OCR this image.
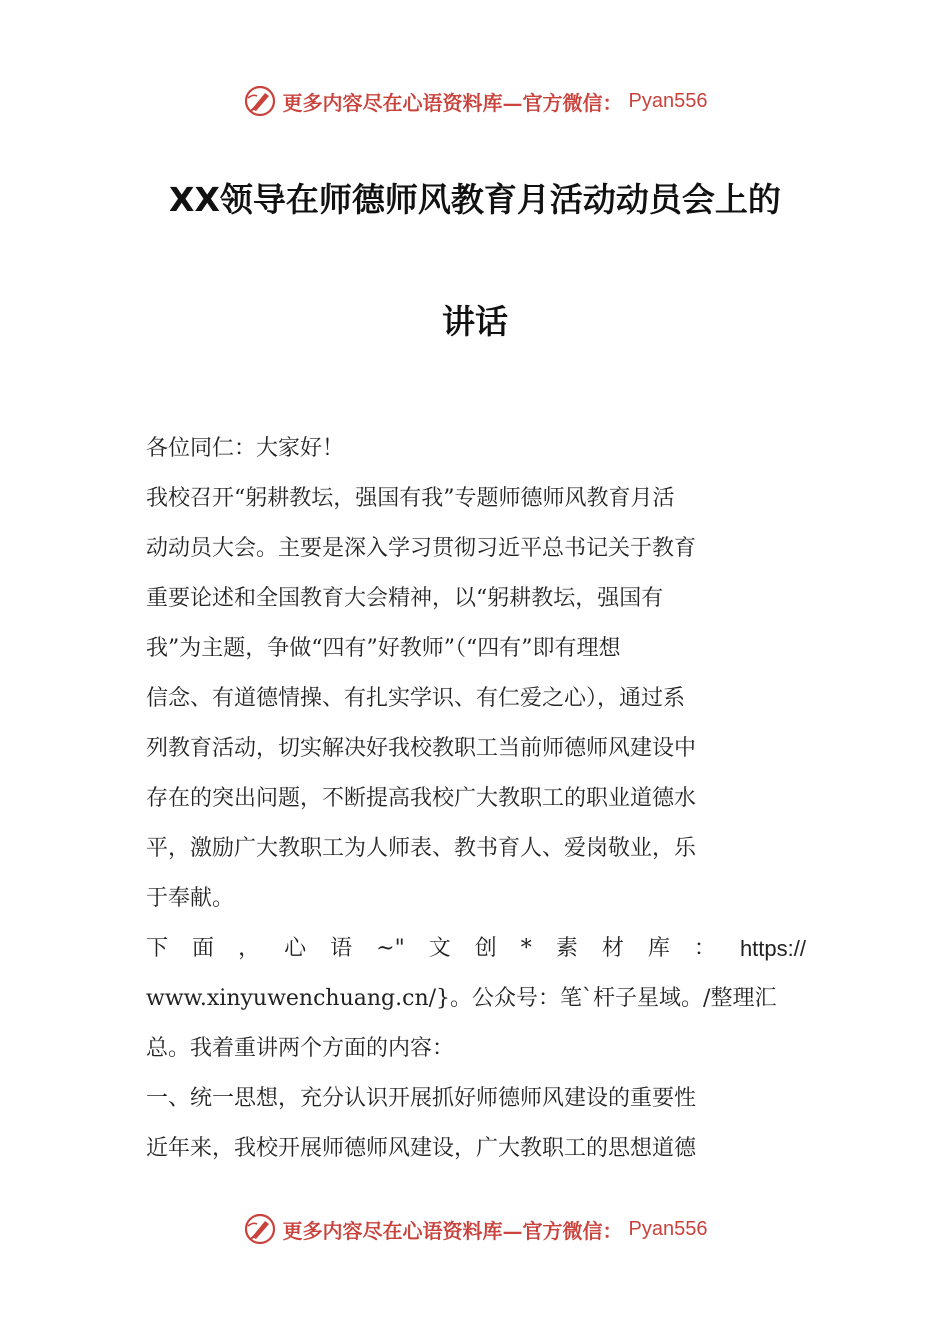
更多内容尽在心语资料库—官方微信： Pyan556
XX领导在师德师风教育月活动动员会上的
讲话
各位同仁：大家好！
我校召开“躬耕教坛，强国有我”专题师德师风教育月活
动动员大会。主要是深入学习贯彻习近平总书记关于教育
重要论述和全国教育大会精神，以“躬耕教坛，强国有
我”为主题，争做“四有”好教师”（“四有”即有理想
信念、有道德情操、有扎实学识、有仁爱之心），通过系
列教育活动，切实解决好我校教职工当前师德师风建设中
存在的突出问题，不断提高我校广大教职工的职业道德水
平，激励广大教职工为人师表、教书育人、爱岗敬业，乐
于奉献。
下 面 ， 心 语 ~" 文 创 * 素 材 库 ： https://
www.xinyuwenchuang.cn/}。公众号：笔`杆子星域。/整理汇
总。我着重讲两个方面的内容：
一、统一思想，充分认识开展抓好师德师风建设的重要性
近年来，我校开展师德师风建设，广大教职工的思想道德
更多内容尽在心语资料库—官方微信： Pyan556
